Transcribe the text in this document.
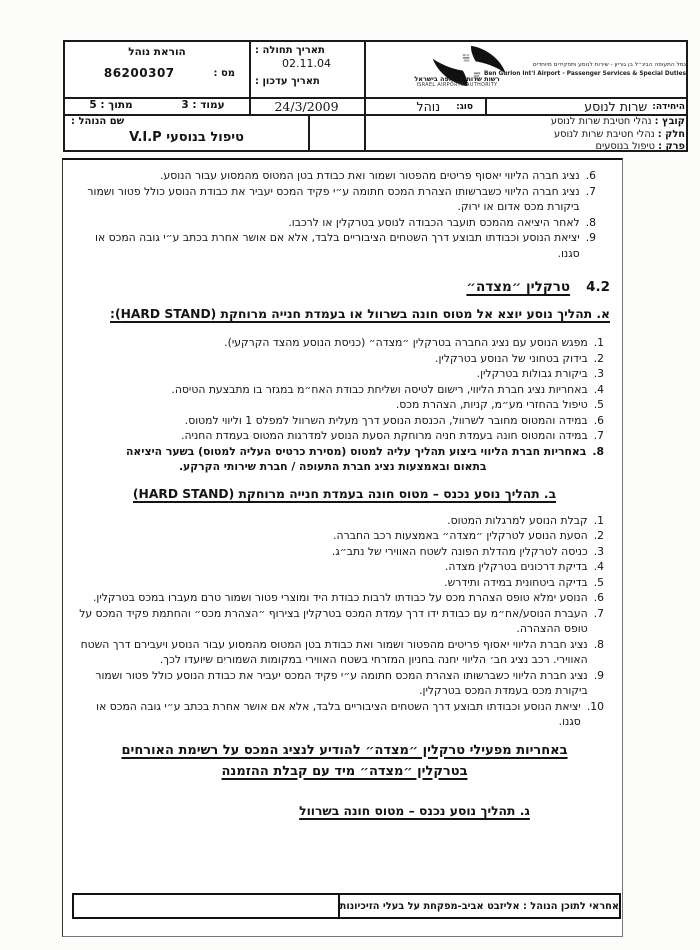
הוראת נוהל
מס :
86200307
תאריך תחולה :
02.11.04
תאריך עדכון :
עמוד : 3
מתוך : 5	24/3/2009
שם הנוהל :
טיפול בנוסעי V.I.P
רשות שדות התעופה בישראל
ISRAEL AIRPORTS AUTHORITY
נמל התעופה הבינ״ל בן גוריון - שירות לנוסע ותפקידים מיוחדים
Ben Gurion Int'l Airport - Passenger Services & Special Duties
סוג:
נוהל	היחידה:
שרות לנוסע
קובץ : נהלי חטיבת שרות לנוסע
חלק : נהלי חטיבת שרות לנוסע
פרק : טיפול בנוסעים
6.
נציג חברה הליווי יאסוף פריטים מהפטור ושמור ואת כבודת בטן המטוס מהמסוע עבור הנוסע.
7.
נציג חברה הליווי כשברשותו הצהרת המכס חתומה ע״י פקיד המכס יעביר את כבודת הנוסע כולל פטור ושמור ביקורת מכס אדום או ירוק.
8.
לאחר היציאה מהמכס תועבר הכבודה לנוסע בטרקלין או לרכבו.
9.
יציאת הנוסע וכבודתו תבוצע דרך השטחים הציבוריים בלבד, אלא אם אושר אחרת בכתב ע״י גובה המכס או סגנו.
4.2טרקלין ״מצדה״
א. תהליך נוסע יוצא אל מטוס חונה בשרוול או בעמדת חנייה מרוחקת (HARD STAND):
1.
מפגש הנוסע עם נציג החברה בטרקלין ״מצדה״ (כניסת הנוסע מהצד הקרקעי).
2.
בידוק בטחוני של הנוסע בטרקלין.
3.
ביקורת גבולות בטרקלין.
4.
באחריות נציג חברת הליווי, רישום לטיסה ושליחת כבודת האח״מ במגזר בו מתבצעת הטיסה.
5.
טיפול בהחזרי מע״מ, קניות, הצהרת מכס.
6.
במידה והמטוס מחובר לשרוול, הכנסת הנוסע דרך מעלית השרוול למפלס 1 וליווי למטוס.
7.
במידה והמטוס חונה בעמדת חניה מרוחקת הסעת הנוסע למדרגות המטוס בעמדת החניה.
8.
באחריות חברת הליווי ביצוע תהליך עליה למטוס (מסירת כרטיס העליה למטוס) בשער היציאה
בתאום ובאמצעות נציג חברת התעופה / חברת שירותי הקרקע.
ב. תהליך נוסע נכנס – מטוס חונה בעמדת חנייה מרוחקת (HARD STAND)
1.
קבלת הנוסע למרגלות המטוס.
2.
הסעת הנוסע לטרקלין ״מצדה״ באמצעות רכב החברה.
3.
כניסה לטרקלין מהדלת הפונה לשטח האווירי של נתב״ג.
4.
בדיקת דרכונים בטרקלין מצדה.
5.
בדיקה ביטחונית במידה ותידרש.
6.
הנוסע ימלא טופס הצהרת מכס על כבודתו לרבות כבודת היד ומוצרי פטור ושמור טרם מעברו במכס בטרקלין.
7.
העברת הנוסע/אח״מ עם כבודת ידו דרך עמדת המכס בטרקלין בצירוף ״הצהרת מכס״ והחתמת פקיד המכס על טופס ההצהרה.
8.
נציג חברת הליווי יאסוף פריטים מהפטור ושמור ואת כבודת בטן המטוס מהמסוע עבור הנוסע ויעבירם דרך השטח האווירי. רכב נציג חב׳ הליווי יחנה בחניון המזרחי בשטח האווירי במקומות השמורים שיועדו לכך.
9.
נציג חברת הליווי כשברשותו הצהרת המכס חתומה ע״י פקיד המכס יעביר את כבודת הנוסע כולל פטור ושמור ביקורת מכס בעמדת המכס בטרקלין.
10.
יציאת הנוסע וכבודתו תבוצע דרך השטחים הציבוריים בלבד, אלא אם אושר אחרת בכתב ע״י גובה המכס או סגנו.
באחריות מפעילי טרקלין ״מצדה״ להודיע לנציג המכס על רשימת האורחים
בטרקלין ״מצדה״ מיד עם קבלת ההזמנה
ג. תהליך נוסע נכנס – מטוס חונה בשרוול
אחראי לתוכן הנוהל : אליזבט אביב-מפקחת על בעלי הזיכיונות
